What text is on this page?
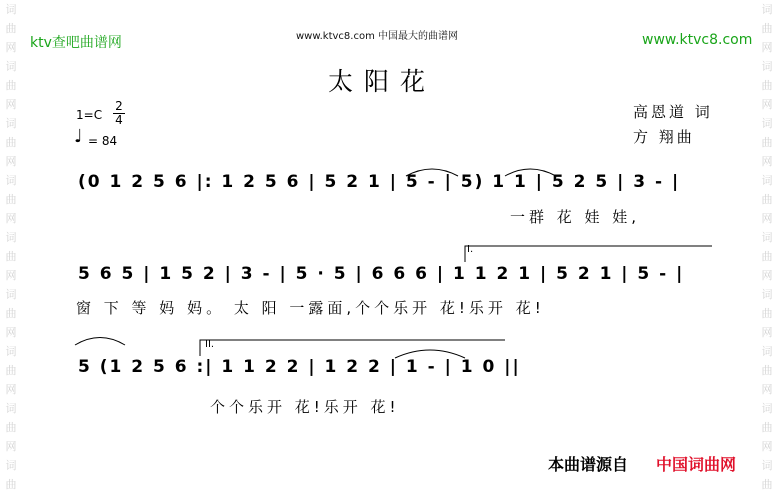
词
曲
网
词
曲
网
词
曲
网
词
曲
网
词
曲
网
词
曲
网
词
曲
网
词
曲
网
词
曲
词
曲
网
词
曲
网
词
曲
网
词
曲
网
词
曲
网
词
曲
网
词
曲
网
词
曲
网
词
曲
ktv查吧曲谱网	www.ktvc8.com 中国最大的曲谱网	www.ktvc8.com
太阳花
$1=C \frac{2}{4}$
♩ = 84
高恩道 词
方 翔曲
(0 1 2 5 6 |: 1 2 5 6 | 5 2 1 | 5 - | 5) 1 1 | 5 2 5 | 3 - |
一群 花 娃 娃,
5 6 5 | 1 5 2 | 3 - | 5 · 5 | 6 6 6 | 1 1 2 1 | 5 2 1 | 5 - |
窗 下 等 妈 妈。 太 阳 一露面,个个乐开 花!乐开 花!
I.
5 (1 2 5 6 :| 1 1 2 2 | 1 2 2 | 1 - | 1 0 ||
个个乐开 花!乐开 花!
II.
本曲谱源自 中国词曲网
